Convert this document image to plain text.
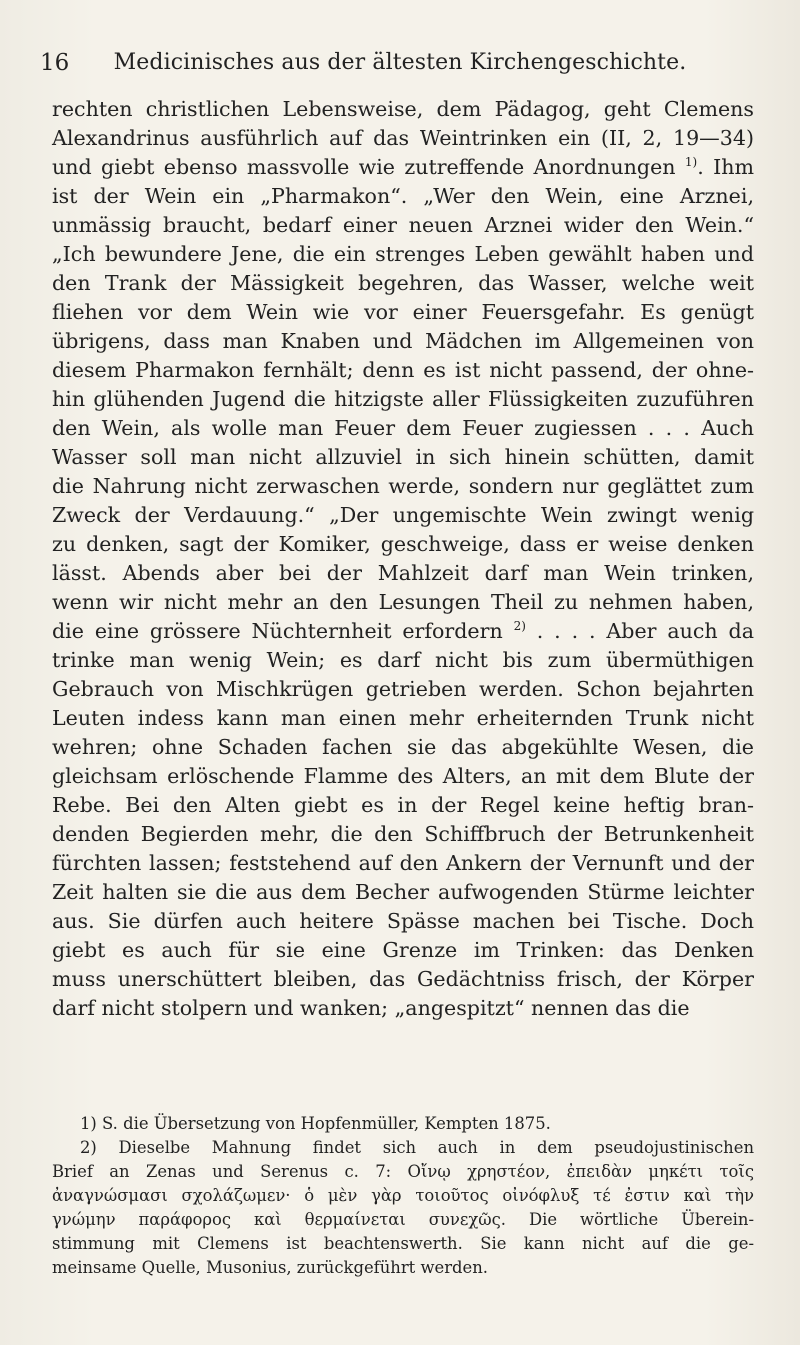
16	Medicinisches aus der ältesten Kirchengeschichte.
rechten christlichen Lebensweise, dem Pädagog, geht Clemens
Alexandrinus ausführlich auf das Weintrinken ein (II, 2, 19—34)
und giebt ebenso massvolle wie zutreffende Anordnungen $^{1)}$. Ihm
ist der Wein ein „Pharmakon“. „Wer den Wein, eine Arznei,
unmässig braucht, bedarf einer neuen Arznei wider den Wein.“
„Ich bewundere Jene, die ein strenges Leben gewählt haben und
den Trank der Mässigkeit begehren, das Wasser, welche weit
fliehen vor dem Wein wie vor einer Feuersgefahr. Es genügt
übrigens, dass man Knaben und Mädchen im Allgemeinen von
diesem Pharmakon fernhält; denn es ist nicht passend, der ohne-
hin glühenden Jugend die hitzigste aller Flüssigkeiten zuzuführen
den Wein, als wolle man Feuer dem Feuer zugiessen . . . Auch
Wasser soll man nicht allzuviel in sich hinein schütten, damit
die Nahrung nicht zerwaschen werde, sondern nur geglättet zum
Zweck der Verdauung.“ „Der ungemischte Wein zwingt wenig
zu denken, sagt der Komiker, geschweige, dass er weise denken
lässt. Abends aber bei der Mahlzeit darf man Wein trinken,
wenn wir nicht mehr an den Lesungen Theil zu nehmen haben,
die eine grössere Nüchternheit erfordern $^{2)}$ . . . . Aber auch da
trinke man wenig Wein; es darf nicht bis zum übermüthigen
Gebrauch von Mischkrügen getrieben werden. Schon bejahrten
Leuten indess kann man einen mehr erheiternden Trunk nicht
wehren; ohne Schaden fachen sie das abgekühlte Wesen, die
gleichsam erlöschende Flamme des Alters, an mit dem Blute der
Rebe. Bei den Alten giebt es in der Regel keine heftig bran-
denden Begierden mehr, die den Schiffbruch der Betrunkenheit
fürchten lassen; feststehend auf den Ankern der Vernunft und der
Zeit halten sie die aus dem Becher aufwogenden Stürme leichter
aus. Sie dürfen auch heitere Spässe machen bei Tische. Doch
giebt es auch für sie eine Grenze im Trinken: das Denken
muss unerschüttert bleiben, das Gedächtniss frisch, der Körper
darf nicht stolpern und wanken; „angespitzt“ nennen das die
1) S. die Übersetzung von Hopfenmüller, Kempten 1875.
2) Dieselbe Mahnung findet sich auch in dem pseudojustinischen
Brief an Zenas und Serenus c. 7: Οἴνῳ χρηστέον, ἐπειδὰν μηκέτι τοῖς
ἀναγνώσμασι σχολάζωμεν· ὁ μὲν γὰρ τοιοῦτος οἰνόφλυξ τέ ἐστιν καὶ τὴν
γνώμην παράφορος καὶ θερμαίνεται συνεχῶς. Die wörtliche Überein-
stimmung mit Clemens ist beachtenswerth. Sie kann nicht auf die ge-
meinsame Quelle, Musonius, zurückgeführt werden.
